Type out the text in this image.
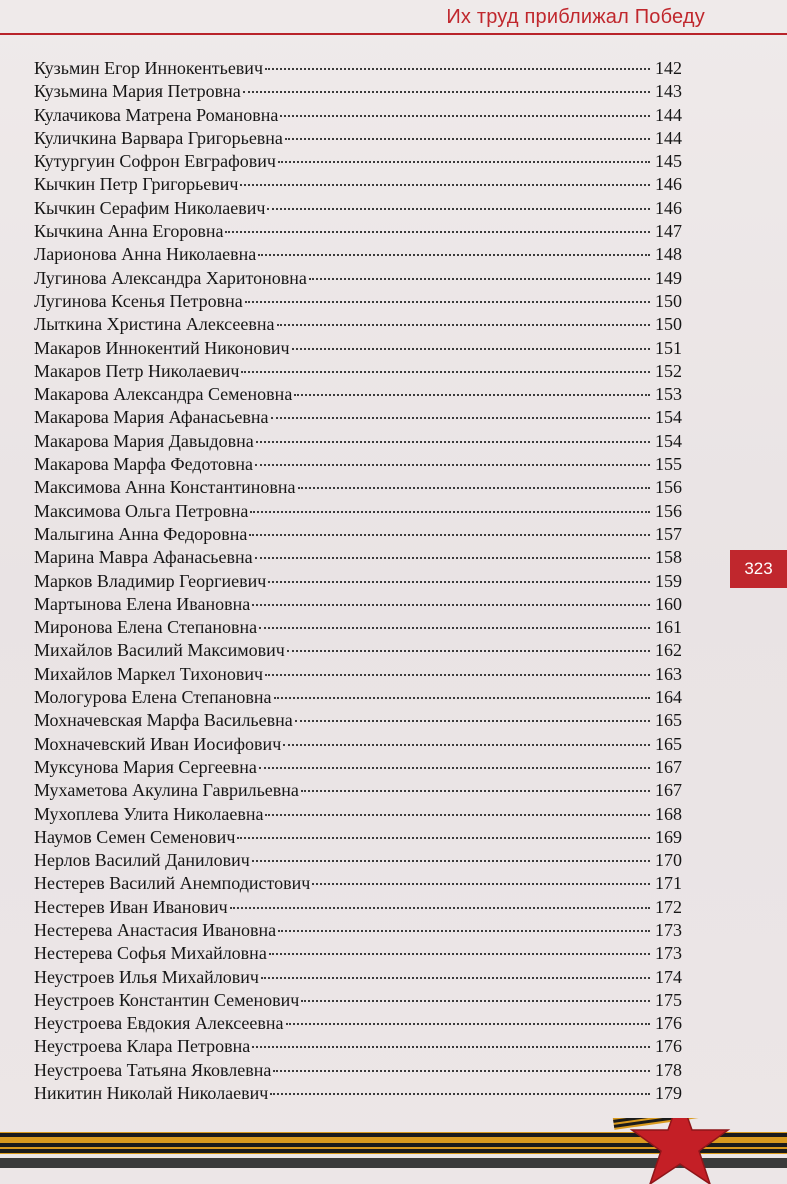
Их труд приближал Победу
Кузьмин Егор Иннокентьевич	142
Кузьмина Мария Петровна	143
Кулачикова Матрена Романовна	144
Куличкина Варвара Григорьевна	144
Кутургуин Софрон Евграфович	145
Кычкин Петр Григорьевич	146
Кычкин Серафим Николаевич	146
Кычкина Анна Егоровна	147
Ларионова Анна Николаевна	148
Лугинова Александра Харитоновна	149
Лугинова Ксенья Петровна	150
Лыткина Христина Алексеевна	150
Макаров Иннокентий Никонович	151
Макаров Петр Николаевич	152
Макарова Александра Семеновна	153
Макарова Мария Афанасьевна	154
Макарова Мария Давыдовна	154
Макарова Марфа Федотовна	155
Максимова Анна Константиновна	156
Максимова Ольга Петровна	156
Малыгина Анна Федоровна	157
Марина Мавра Афанасьевна	158
Марков Владимир Георгиевич	159
Мартынова Елена Ивановна	160
Миронова Елена Степановна	161
Михайлов Василий Максимович	162
Михайлов Маркел Тихонович	163
Мологурова Елена Степановна	164
Мохначевская Марфа Васильевна	165
Мохначевский Иван Иосифович	165
Муксунова Мария Сергеевна	167
Мухаметова Акулина Гаврильевна	167
Мухоплева Улита Николаевна	168
Наумов Семен Семенович	169
Нерлов Василий Данилович	170
Нестерев Василий Анемподистович	171
Нестерев Иван Иванович	172
Нестерева Анастасия Ивановна	173
Нестерева Софья Михайловна	173
Неустроев Илья Михайлович	174
Неустроев Константин Семенович	175
Неустроева Евдокия Алексеевна	176
Неустроева Клара Петровна	176
Неустроева Татьяна Яковлевна	178
Никитин Николай Николаевич	179
323
